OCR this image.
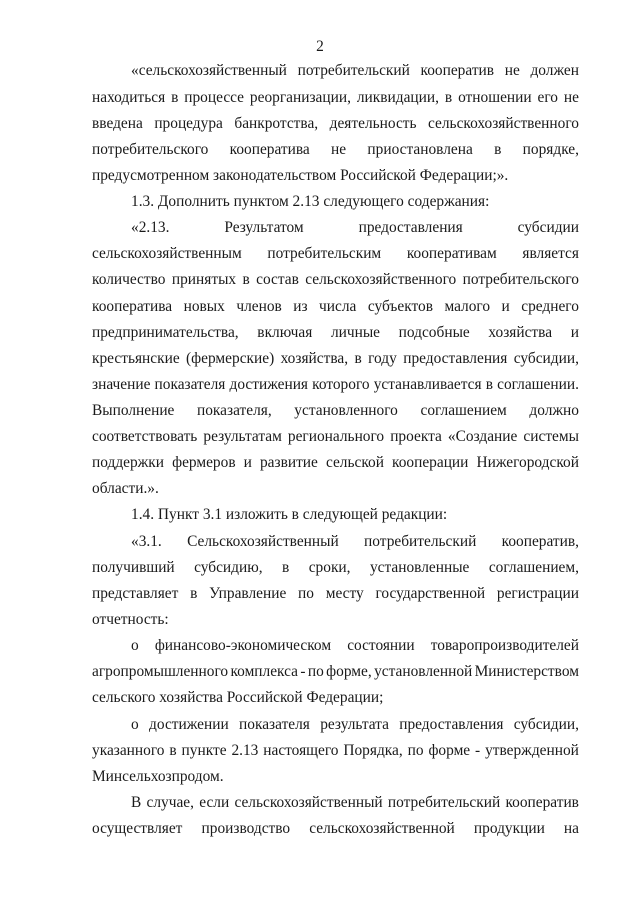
2
«сельскохозяйственный потребительский кооператив не должен
находиться в процессе реорганизации, ликвидации, в отношении его не
введена процедура банкротства, деятельность сельскохозяйственного
потребительского кооператива не приостановлена в порядке,
предусмотренном законодательством Российской Федерации;».
1.3. Дополнить пунктом 2.13 следующего содержания:
«2.13.	Результатом	предоставления	субсидии
сельскохозяйственным потребительским кооперативам является
количество принятых в состав сельскохозяйственного потребительского
кооператива новых членов из числа субъектов малого и среднего
предпринимательства, включая личные подсобные хозяйства и
крестьянские (фермерские) хозяйства, в году предоставления субсидии,
значение показателя достижения которого устанавливается в соглашении.
Выполнение показателя, установленного соглашением должно
соответствовать результатам регионального проекта «Создание системы
поддержки фермеров и развитие сельской кооперации Нижегородской
области.».
1.4. Пункт 3.1 изложить в следующей редакции:
«3.1. Сельскохозяйственный потребительский кооператив,
получивший субсидию, в сроки, установленные соглашением,
представляет в Управление по месту государственной регистрации
отчетность:
о финансово-экономическом состоянии товаропроизводителей
агропромышленного комплекса - по форме, установленной Министерством
сельского хозяйства Российской Федерации;
о достижении показателя результата предоставления субсидии,
указанного в пункте 2.13 настоящего Порядка, по форме - утвержденной
Минсельхозпродом.
В случае, если сельскохозяйственный потребительский кооператив
осуществляет производство сельскохозяйственной продукции на
